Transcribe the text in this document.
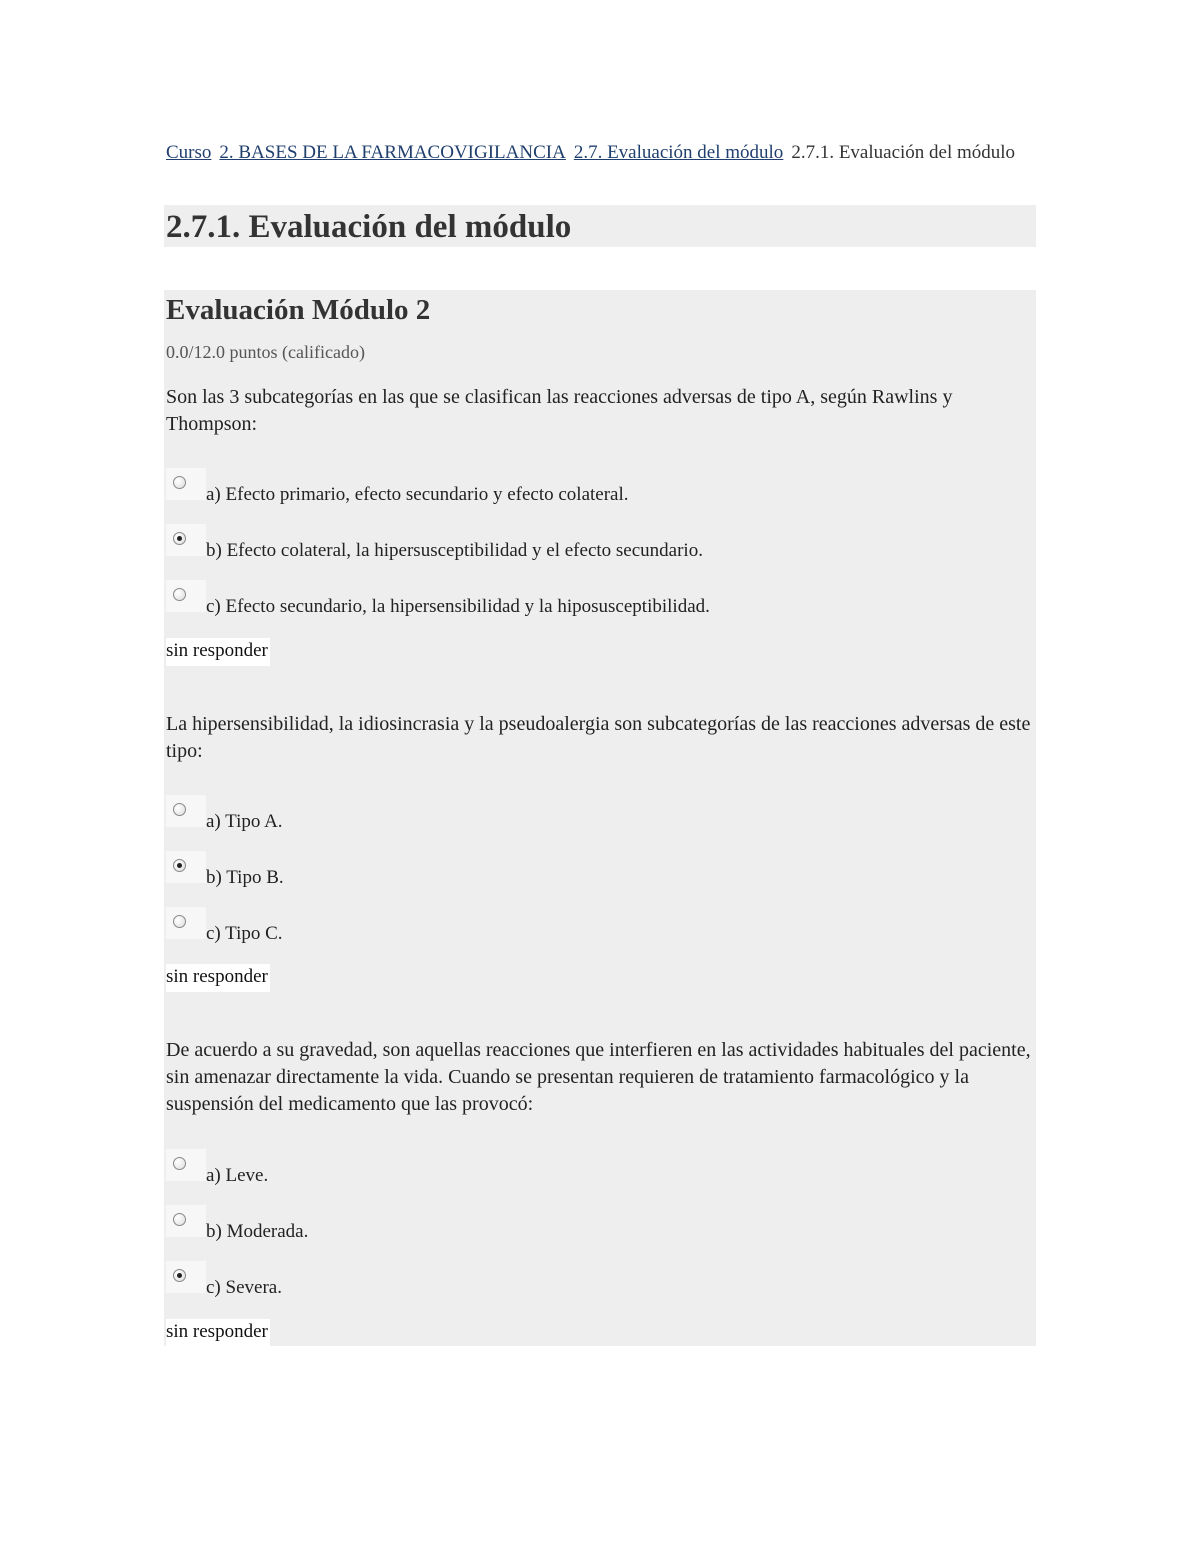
Curso 2. BASES DE LA FARMACOVIGILANCIA 2.7. Evaluación del módulo 2.7.1. Evaluación del módulo
2.7.1. Evaluación del módulo
Evaluación Módulo 2
0.0/12.0 puntos (calificado)
Son las 3 subcategorías en las que se clasifican las reacciones adversas de tipo A, según Rawlins y Thompson:
a) Efecto primario, efecto secundario y efecto colateral.
b) Efecto colateral, la hipersusceptibilidad y el efecto secundario.
c) Efecto secundario, la hipersensibilidad y la hiposusceptibilidad.
sin responder
La hipersensibilidad, la idiosincrasia y la pseudoalergia son subcategorías de las reacciones adversas de este tipo:
a) Tipo A.
b) Tipo B.
c) Tipo C.
sin responder
De acuerdo a su gravedad, son aquellas reacciones que interfieren en las actividades habituales del paciente, sin amenazar directamente la vida. Cuando se presentan requieren de tratamiento farmacológico y la suspensión del medicamento que las provocó:
a) Leve.
b) Moderada.
c) Severa.
sin responder
